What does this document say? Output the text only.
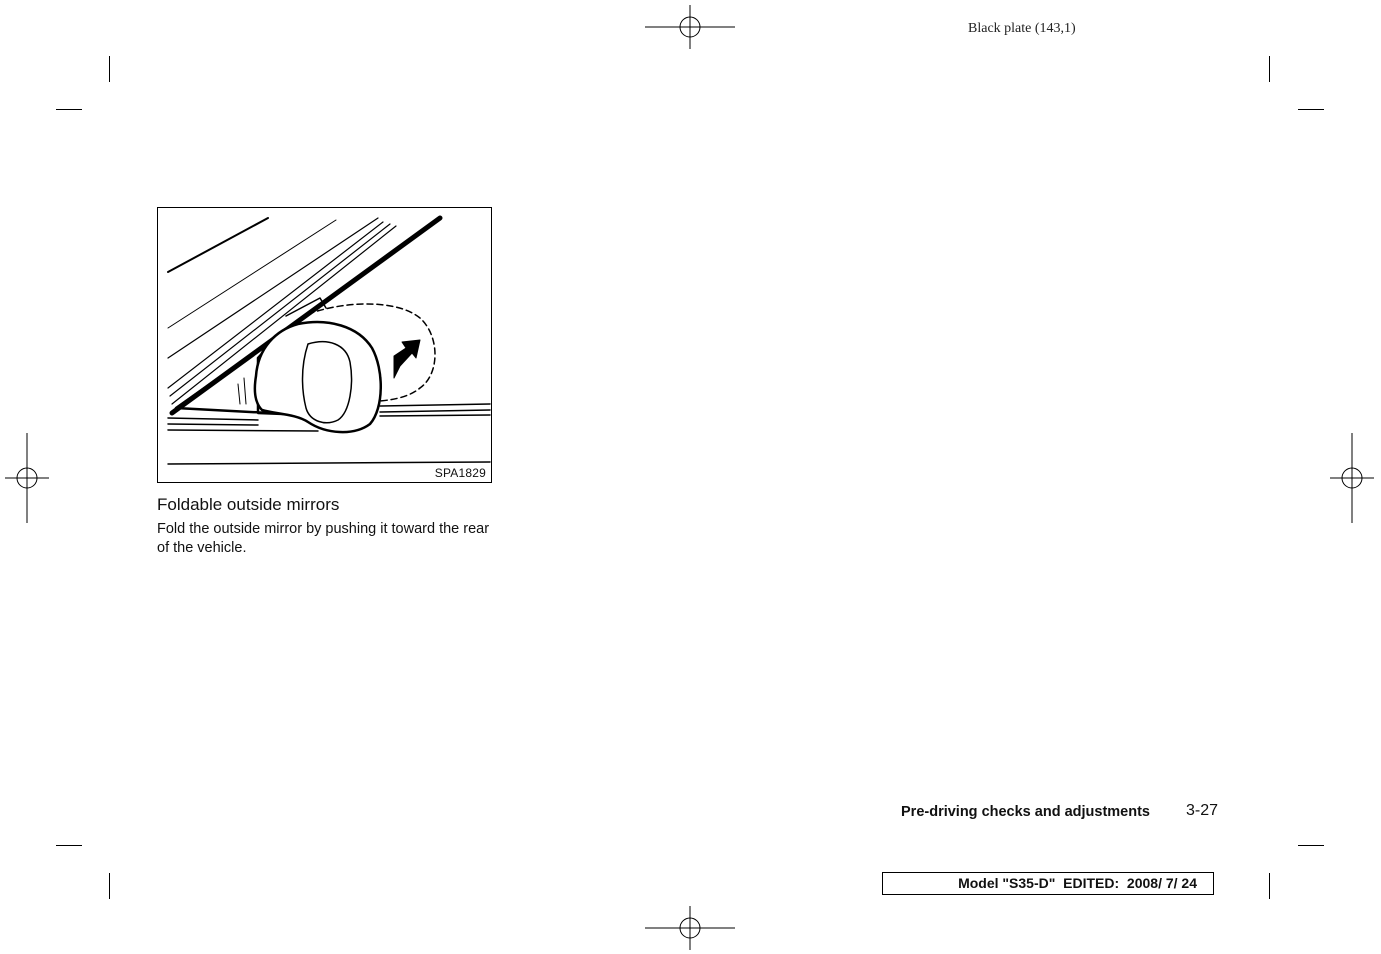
Black plate (143,1)
SPA1829
Foldable outside mirrors
Fold the outside mirror by pushing it toward the rear of the vehicle.
Pre-driving checks and adjustments 3-27
Model "S35-D"  EDITED:  2008/ 7/ 24
